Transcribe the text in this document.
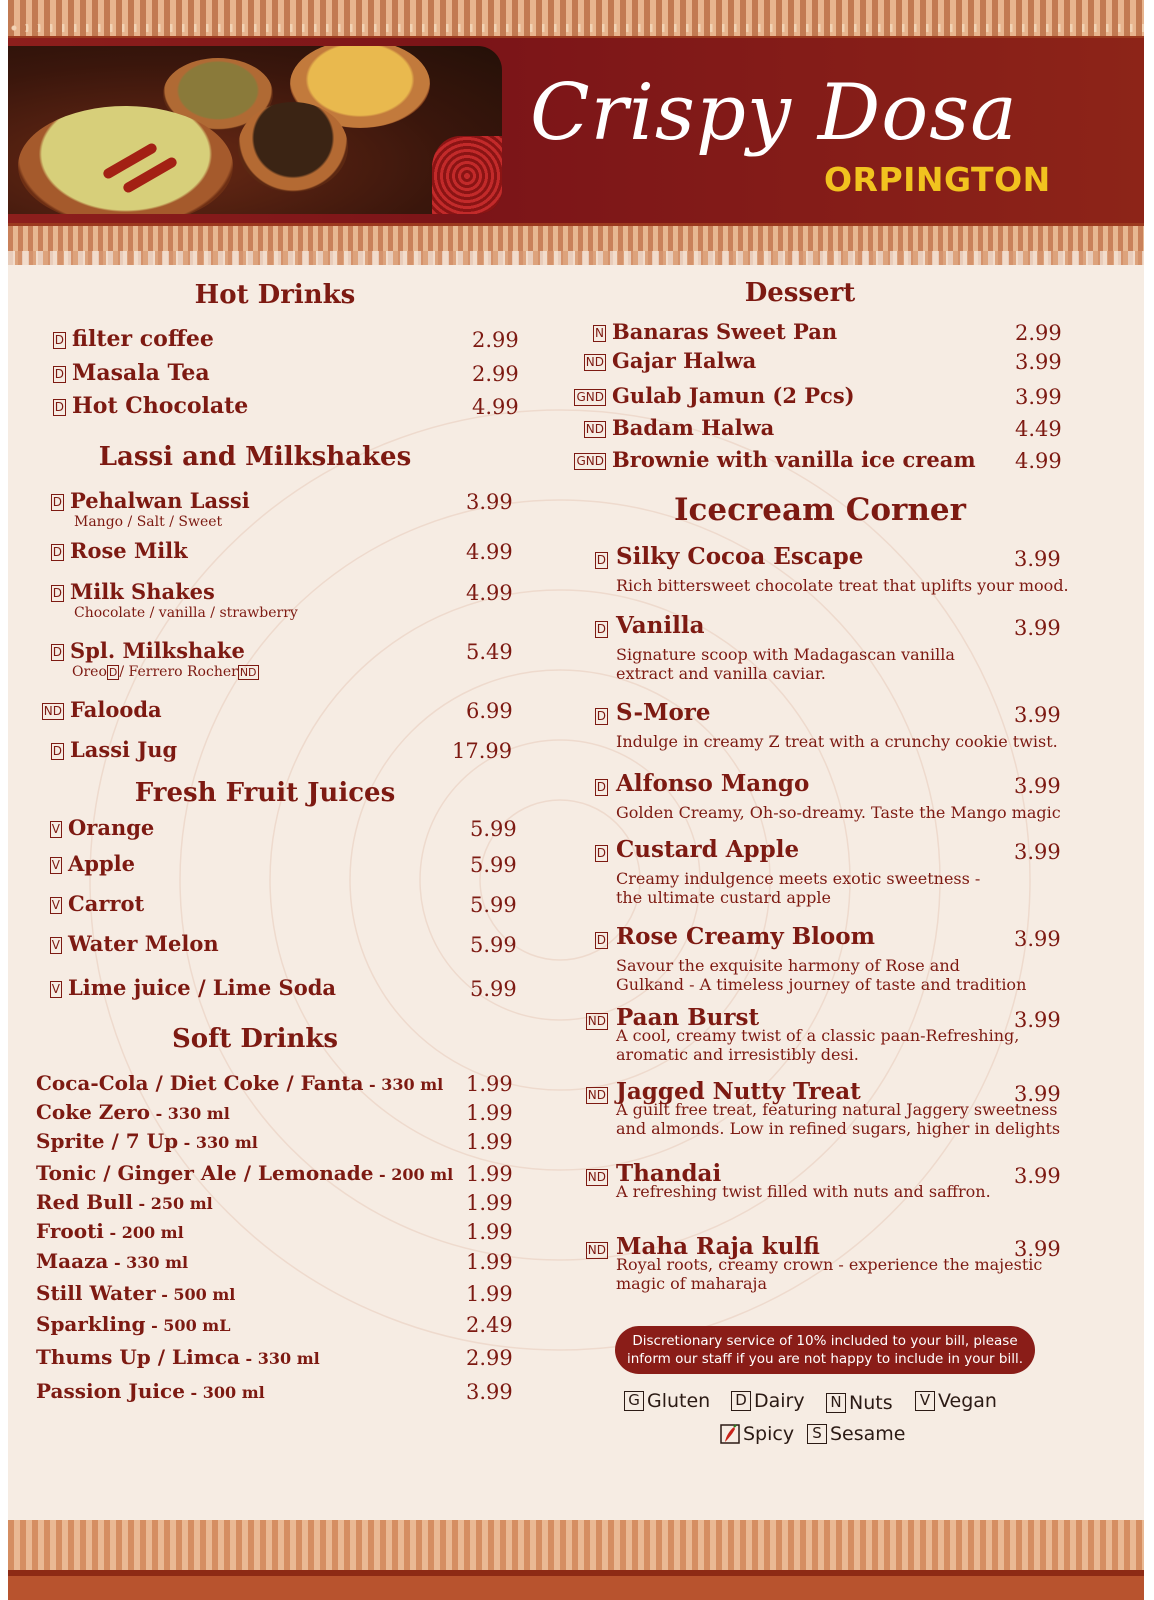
Crispy Dosa
ORPINGTON
Hot Drinks
D filter coffee	2.99
D Masala Tea	2.99
D Hot Chocolate	4.99
Lassi and Milkshakes
D Pehalwan Lassi	3.99
Mango / Salt / Sweet
D Rose Milk	4.99
D Milk Shakes	4.99
Chocolate / vanilla / strawberry
D Spl. Milkshake	5.49
Oreo D / Ferrero Rocher ND
ND Falooda	6.99
D Lassi Jug	17.99
Fresh Fruit Juices
V Orange	5.99
V Apple	5.99
V Carrot	5.99
V Water Melon	5.99
V Lime juice / Lime Soda	5.99
Soft Drinks
Coca-Cola / Diet Coke / Fanta - 330 ml 1.99
Coke Zero - 330 ml	1.99
Sprite / 7 Up - 330 ml	1.99
Tonic / Ginger Ale / Lemonade - 200 ml 1.99
Red Bull - 250 ml	1.99
Frooti - 200 ml	1.99
Maaza - 330 ml	1.99
Still Water - 500 ml	1.99
Sparkling - 500 mL	2.49
Thums Up / Limca - 330 ml	2.99
Passion Juice - 300 ml	3.99
Dessert
N Banaras Sweet Pan	2.99
ND Gajar Halwa	3.99
GND Gulab Jamun (2 Pcs)	3.99
ND Badam Halwa	4.49
GND Brownie with vanilla ice cream 4.99
Icecream Corner
D Silky Cocoa Escape	3.99
Rich bittersweet chocolate treat that uplifts your mood.
D Vanilla	3.99
Signature scoop with Madagascan vanilla
extract and vanilla caviar.
D S-More	3.99
Indulge in creamy Z treat with a crunchy cookie twist.
D Alfonso Mango	3.99
Golden Creamy, Oh-so-dreamy. Taste the Mango magic
D Custard Apple	3.99
Creamy indulgence meets exotic sweetness -
the ultimate custard apple
D Rose Creamy Bloom	3.99
Savour the exquisite harmony of Rose and
Gulkand - A timeless journey of taste and tradition
ND Paan Burst	3.99
A cool, creamy twist of a classic paan-Refreshing,
aromatic and irresistibly desi.
ND Jagged Nutty Treat	3.99
A guilt free treat, featuring natural Jaggery sweetness
and almonds. Low in refined sugars, higher in delights
ND Thandai	3.99
A refreshing twist filled with nuts and saffron.
ND Maha Raja kulfi	3.99
Royal roots, creamy crown - experience the majestic
magic of maharaja
Discretionary service of 10% included to your bill, please
inform our staff if you are not happy to include in your bill.
G Gluten D Dairy N Nuts	V Vegan
Spicy	S Sesame
